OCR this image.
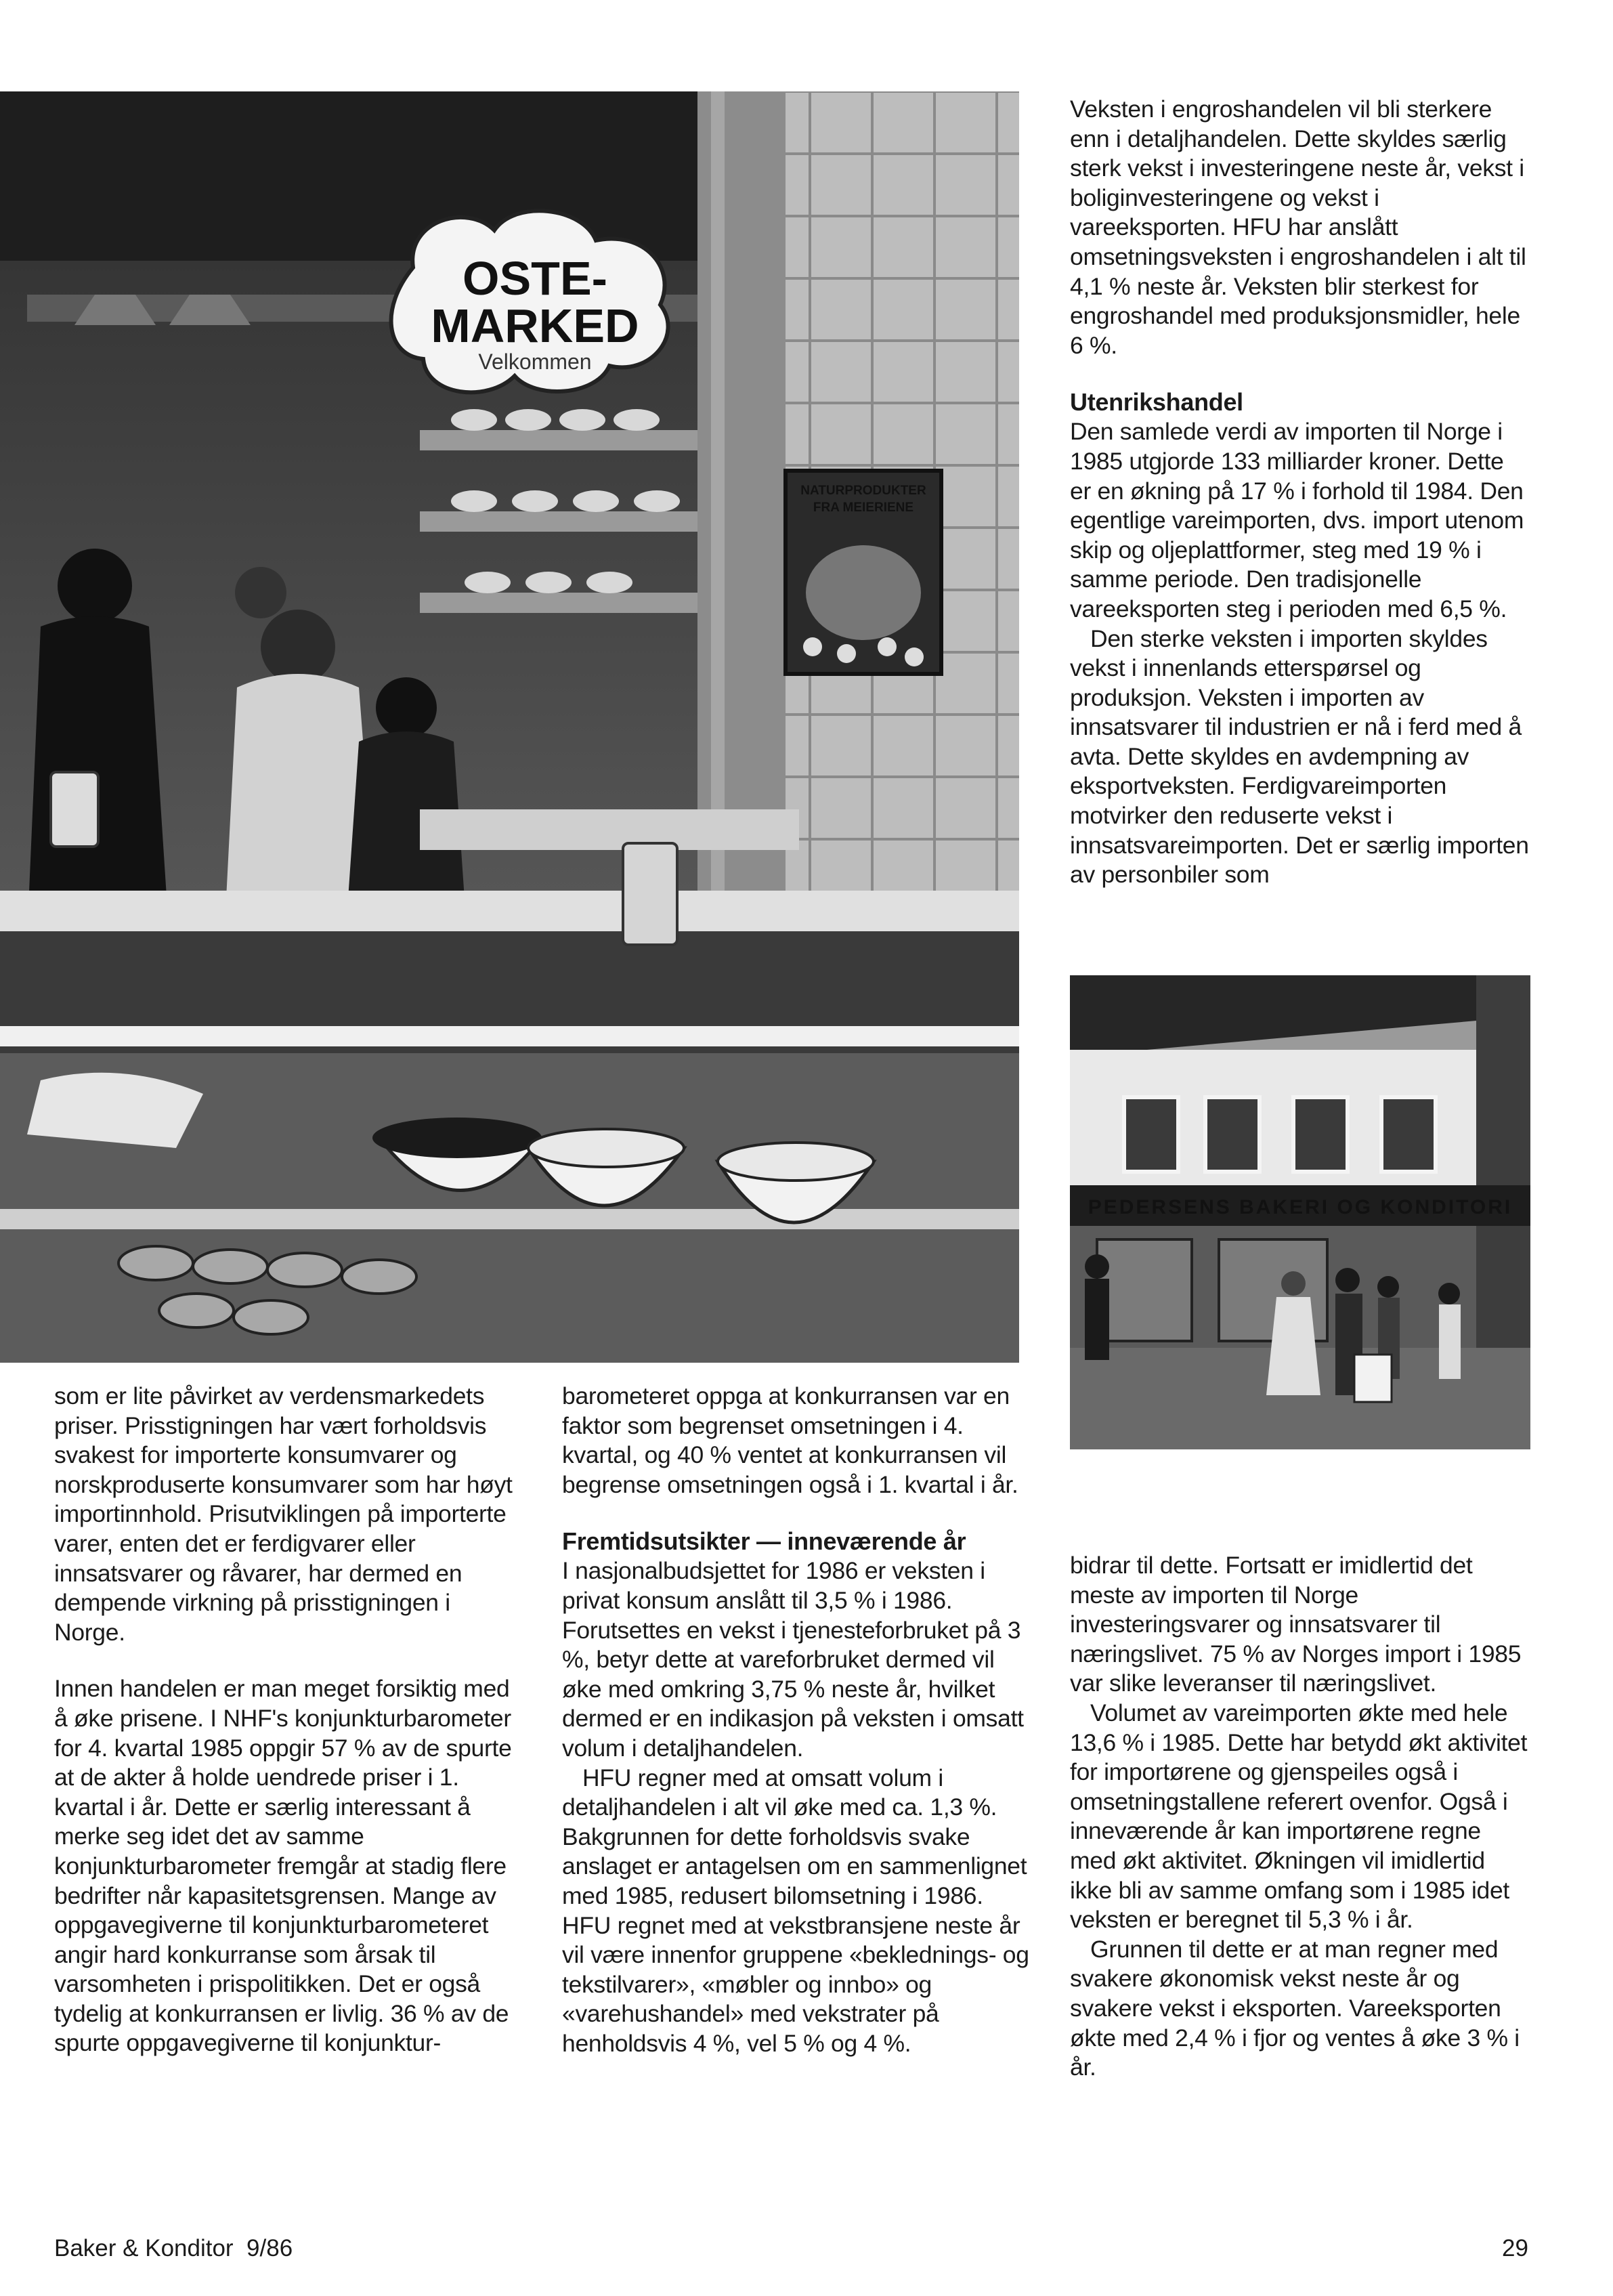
OSTE-
MARKED
Velkommen
NATURPRODUKTER
FRA MEIERIENE
PEDERSENS BAKERI OG KONDITORI

Veksten i engroshandelen vil bli sterkere enn i detaljhandelen. Dette skyldes særlig sterk vekst i investeringene neste år, vekst i boliginvesteringene og vekst i vareeksporten. HFU har anslått omsetningsveksten i engroshandelen i alt til 4,1 % neste år. Veksten blir sterkest for engroshandel med produksjonsmidler, hele 6 %.

Utenrikshandel

Den samlede verdi av importen til Norge i 1985 utgjorde 133 milliarder kroner. Dette er en økning på 17 % i forhold til 1984. Den egentlige vareimporten, dvs. import utenom skip og oljeplattformer, steg med 19 % i samme periode. Den tradisjonelle vareeksporten steg i perioden med 6,5 %.

Den sterke veksten i importen skyldes vekst i innenlands etterspørsel og produksjon. Veksten i importen av innsatsvarer til industrien er nå i ferd med å avta. Dette skyldes en avdempning av eksportveksten. Ferdigvareimporten motvirker den reduserte vekst i innsatsvareimporten. Det er særlig importen av personbiler som

som er lite påvirket av verdensmarkedets priser. Prisstigningen har vært forholdsvis svakest for importerte konsumvarer og norskproduserte konsumvarer som har høyt importinnhold. Prisutviklingen på importerte varer, enten det er ferdigvarer eller innsatsvarer og råvarer, har dermed en dempende virkning på prisstigningen i Norge.

Innen handelen er man meget forsiktig med å øke prisene. I NHF's konjunkturbarometer for 4. kvartal 1985 oppgir 57 % av de spurte at de akter å holde uendrede priser i 1. kvartal i år. Dette er særlig interessant å merke seg idet det av samme konjunkturbarometer fremgår at stadig flere bedrifter når kapasitetsgrensen. Mange av oppgavegiverne til konjunkturbarometeret angir hard konkurranse som årsak til varsomheten i prispolitikken. Det er også tydelig at konkurransen er livlig. 36 % av de spurte oppgavegiverne til konjunktur-

barometeret oppga at konkurransen var en faktor som begrenset omsetningen i 4. kvartal, og 40 % ventet at konkurransen vil begrense omsetningen også i 1. kvartal i år.

Fremtidsutsikter — inneværende år

I nasjonalbudsjettet for 1986 er veksten i privat konsum anslått til 3,5 % i 1986. Forutsettes en vekst i tjenesteforbruket på 3 %, betyr dette at vareforbruket dermed vil øke med omkring 3,75 % neste år, hvilket dermed er en indikasjon på veksten i omsatt volum i detaljhandelen.

HFU regner med at omsatt volum i detaljhandelen i alt vil øke med ca. 1,3 %. Bakgrunnen for dette forholdsvis svake anslaget er antagelsen om en sammenlignet med 1985, redusert bilomsetning i 1986. HFU regnet med at vekstbransjene neste år vil være innenfor gruppene «beklednings- og tekstilvarer», «møbler og innbo» og «varehushandel» med vekstrater på henholdsvis 4 %, vel 5 % og 4 %.

bidrar til dette. Fortsatt er imidlertid det meste av importen til Norge investeringsvarer og innsatsvarer til næringslivet. 75 % av Norges import i 1985 var slike leveranser til næringslivet.

Volumet av vareimporten økte med hele 13,6 % i 1985. Dette har betydd økt aktivitet for importørene og gjenspeiles også i omsetningstallene referert ovenfor. Også i inneværende år kan importørene regne med økt aktivitet. Økningen vil imidlertid ikke bli av samme omfang som i 1985 idet veksten er beregnet til 5,3 % i år.

Grunnen til dette er at man regner med svakere økonomisk vekst neste år og svakere vekst i eksporten. Vareeksporten økte med 2,4 % i fjor og ventes å øke 3 % i år.

Baker & Konditor  9/86	29
